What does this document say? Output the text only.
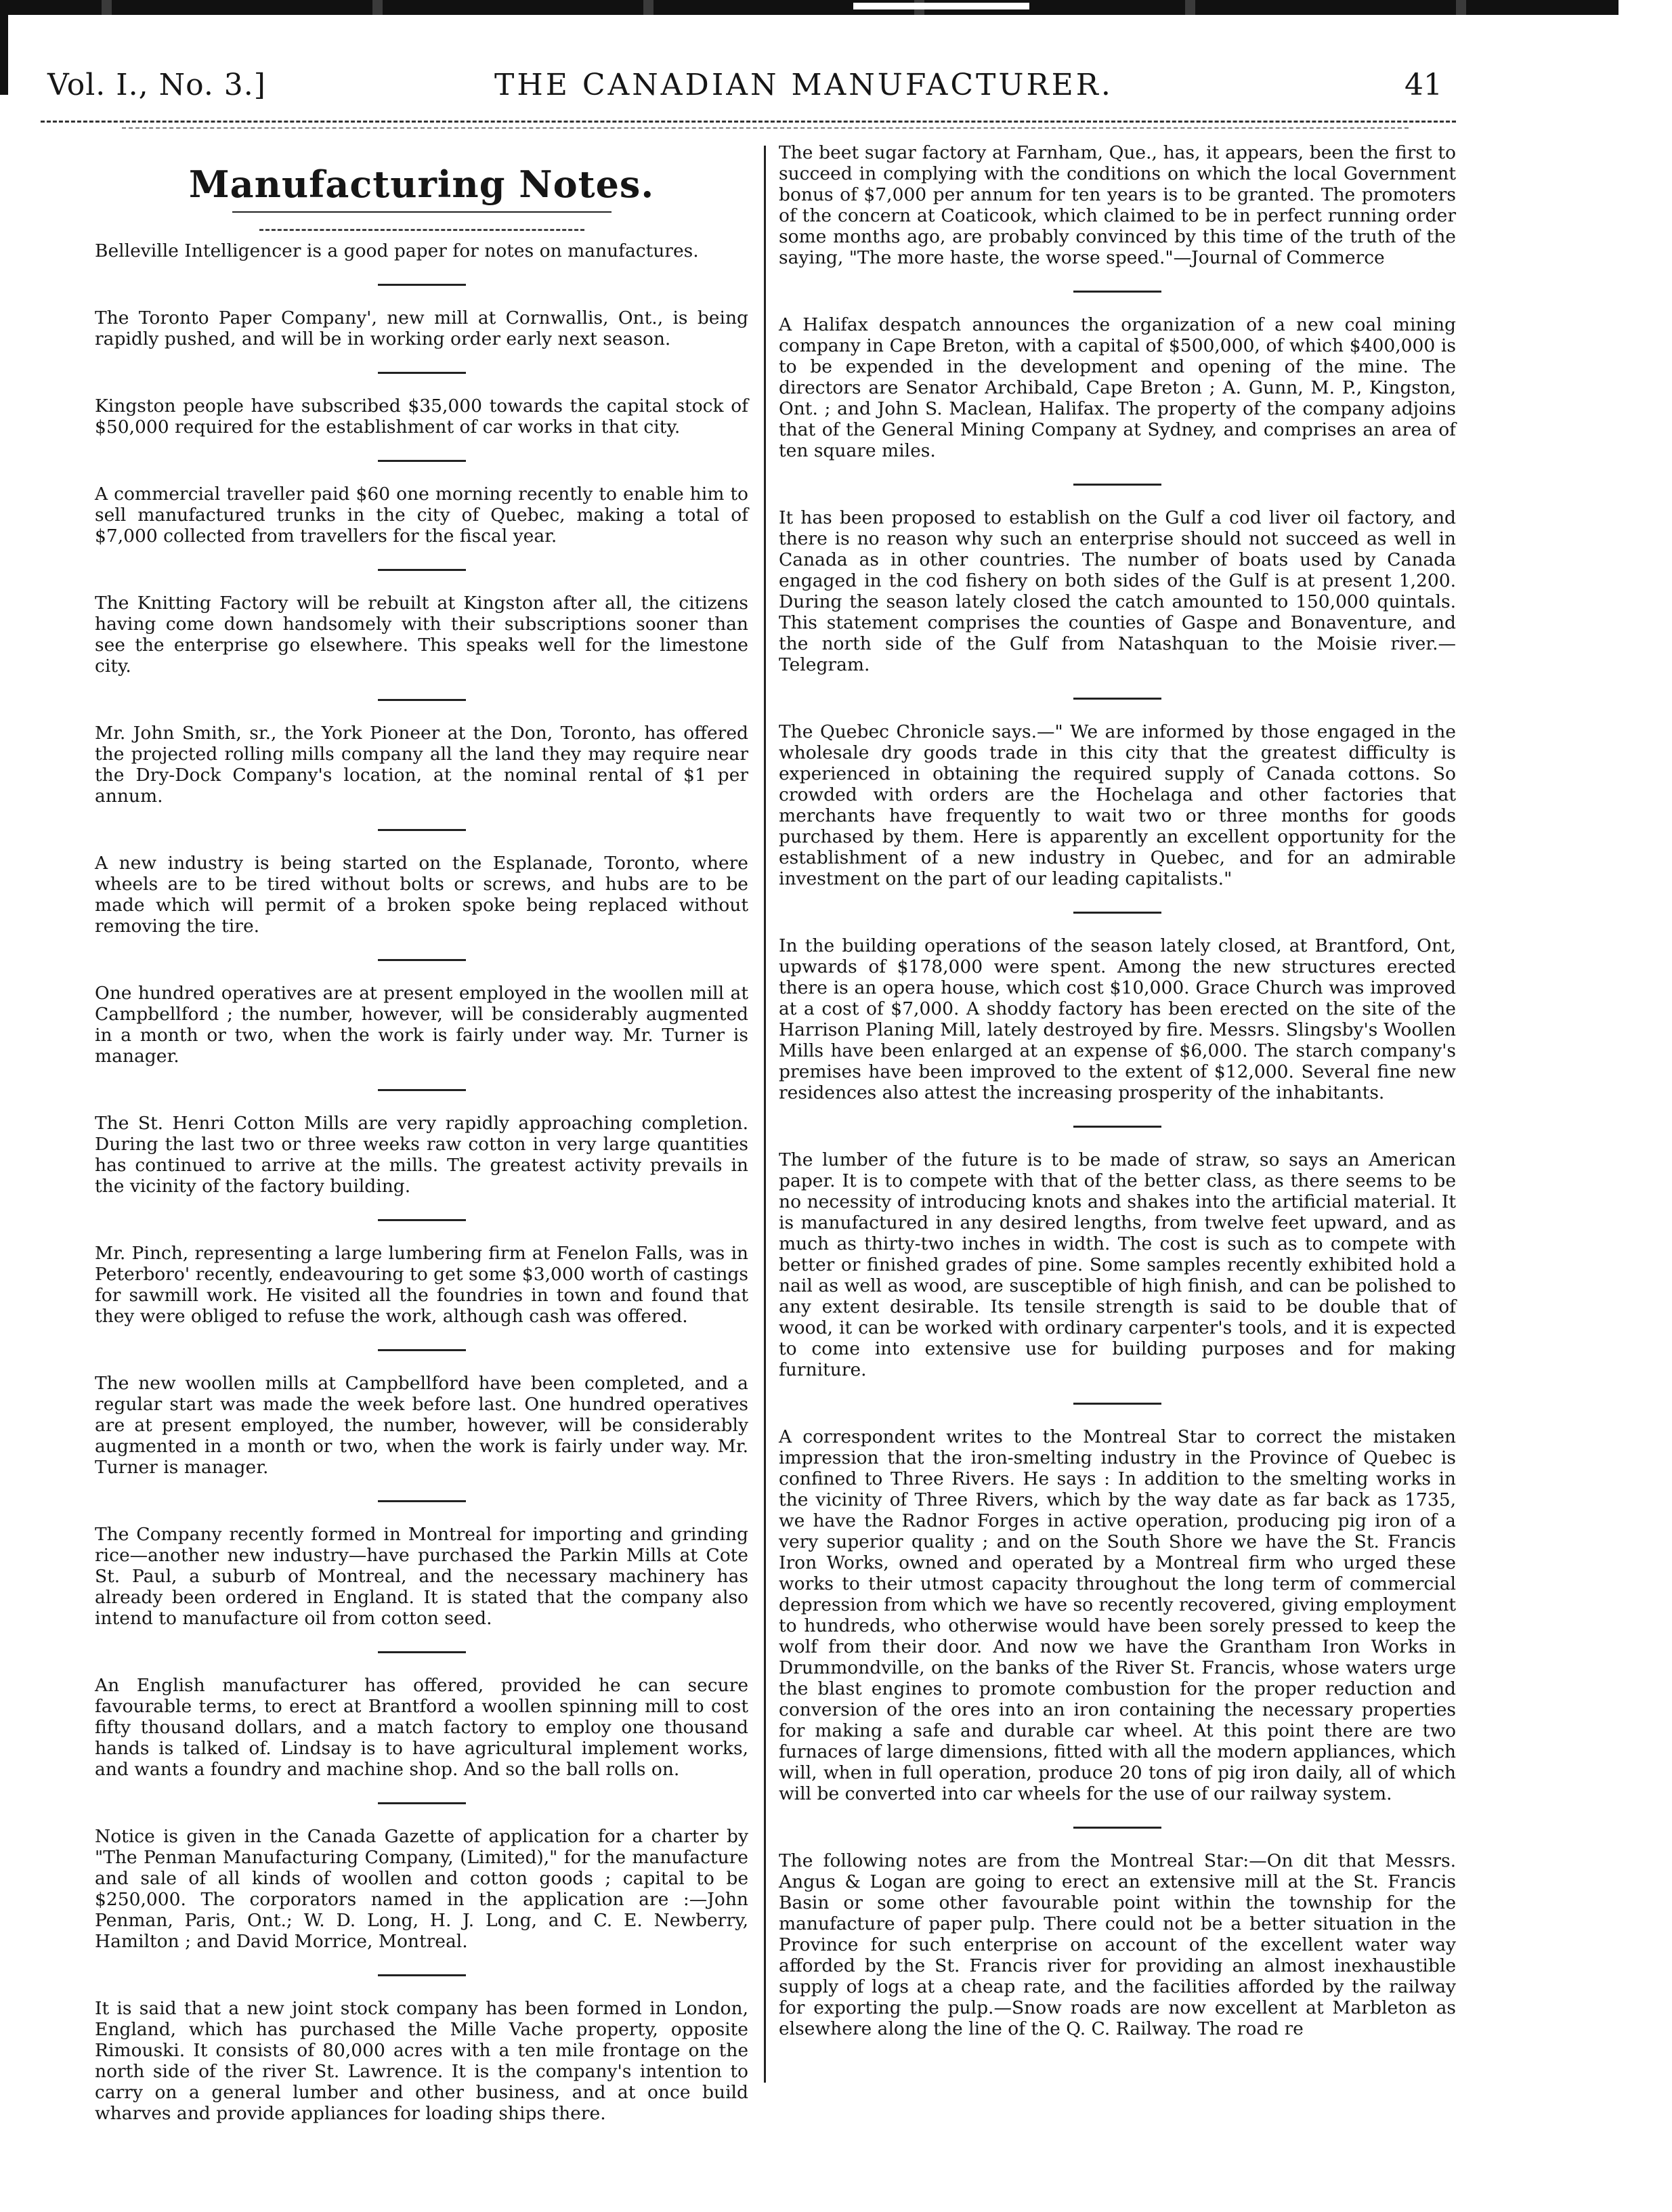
Vol. I., No. 3.]	THE CANADIAN MANUFACTURER.	41
Manufacturing Notes.

Belleville Intelligencer is a good paper for notes on manufactures.

The Toronto Paper Company', new mill at Cornwallis, Ont., is being rapidly pushed, and will be in working order early next season.

Kingston people have subscribed $35,000 towards the capital stock of $50,000 required for the establishment of car works in that city.

A commercial traveller paid $60 one morning recently to enable him to sell manufactured trunks in the city of Quebec, making a total of $7,000 collected from travellers for the fiscal year.

The Knitting Factory will be rebuilt at Kingston after all, the citizens having come down handsomely with their subscriptions sooner than see the enterprise go elsewhere. This speaks well for the limestone city.

Mr. John Smith, sr., the York Pioneer at the Don, Toronto, has offered the projected rolling mills company all the land they may require near the Dry-Dock Company's location, at the nominal rental of $1 per annum.

A new industry is being started on the Esplanade, Toronto, where wheels are to be tired without bolts or screws, and hubs are to be made which will permit of a broken spoke being replaced without removing the tire.

One hundred operatives are at present employed in the woollen mill at Campbellford ; the number, however, will be considerably augmented in a month or two, when the work is fairly under way. Mr. Turner is manager.

The St. Henri Cotton Mills are very rapidly approaching completion. During the last two or three weeks raw cotton in very large quantities has continued to arrive at the mills. The greatest activity prevails in the vicinity of the factory building.

Mr. Pinch, representing a large lumbering firm at Fenelon Falls, was in Peterboro' recently, endeavouring to get some $3,000 worth of castings for sawmill work. He visited all the foundries in town and found that they were obliged to refuse the work, although cash was offered.

The new woollen mills at Campbellford have been completed, and a regular start was made the week before last. One hundred operatives are at present employed, the number, however, will be considerably augmented in a month or two, when the work is fairly under way. Mr. Turner is manager.

The Company recently formed in Montreal for importing and grinding rice—another new industry—have purchased the Parkin Mills at Cote St. Paul, a suburb of Montreal, and the necessary machinery has already been ordered in England. It is stated that the company also intend to manufacture oil from cotton seed.

An English manufacturer has offered, provided he can secure favourable terms, to erect at Brantford a woollen spinning mill to cost fifty thousand dollars, and a match factory to employ one thousand hands is talked of. Lindsay is to have agricultural implement works, and wants a foundry and machine shop. And so the ball rolls on.

Notice is given in the Canada Gazette of application for a charter by "The Penman Manufacturing Company, (Limited)," for the manufacture and sale of all kinds of woollen and cotton goods ; capital to be $250,000. The corporators named in the application are :—John Penman, Paris, Ont.; W. D. Long, H. J. Long, and C. E. Newberry, Hamilton ; and David Morrice, Montreal.

It is said that a new joint stock company has been formed in London, England, which has purchased the Mille Vache property, opposite Rimouski. It consists of 80,000 acres with a ten mile frontage on the north side of the river St. Lawrence. It is the company's intention to carry on a general lumber and other business, and at once build wharves and provide appliances for loading ships there.

The beet sugar factory at Farnham, Que., has, it appears, been the first to succeed in complying with the conditions on which the local Government bonus of $7,000 per annum for ten years is to be granted. The promoters of the concern at Coaticook, which claimed to be in perfect running order some months ago, are probably convinced by this time of the truth of the saying, "The more haste, the worse speed."—Journal of Commerce

A Halifax despatch announces the organization of a new coal mining company in Cape Breton, with a capital of $500,000, of which $400,000 is to be expended in the development and opening of the mine. The directors are Senator Archibald, Cape Breton ; A. Gunn, M. P., Kingston, Ont. ; and John S. Maclean, Halifax. The property of the company adjoins that of the General Mining Company at Sydney, and comprises an area of ten square miles.

It has been proposed to establish on the Gulf a cod liver oil factory, and there is no reason why such an enterprise should not succeed as well in Canada as in other countries. The number of boats used by Canada engaged in the cod fishery on both sides of the Gulf is at present 1,200. During the season lately closed the catch amounted to 150,000 quintals. This statement comprises the counties of Gaspe and Bonaventure, and the north side of the Gulf from Natashquan to the Moisie river.—Telegram.

The Quebec Chronicle says.—" We are informed by those engaged in the wholesale dry goods trade in this city that the greatest difficulty is experienced in obtaining the required supply of Canada cottons. So crowded with orders are the Hochelaga and other factories that merchants have frequently to wait two or three months for goods purchased by them. Here is apparently an excellent opportunity for the establishment of a new industry in Quebec, and for an admirable investment on the part of our leading capitalists."

In the building operations of the season lately closed, at Brantford, Ont, upwards of $178,000 were spent. Among the new structures erected there is an opera house, which cost $10,000. Grace Church was improved at a cost of $7,000. A shoddy factory has been erected on the site of the Harrison Planing Mill, lately destroyed by fire. Messrs. Slingsby's Woollen Mills have been enlarged at an expense of $6,000. The starch company's premises have been improved to the extent of $12,000. Several fine new residences also attest the increasing prosperity of the inhabitants.

The lumber of the future is to be made of straw, so says an American paper. It is to compete with that of the better class, as there seems to be no necessity of introducing knots and shakes into the artificial material. It is manufactured in any desired lengths, from twelve feet upward, and as much as thirty-two inches in width. The cost is such as to compete with better or finished grades of pine. Some samples recently exhibited hold a nail as well as wood, are susceptible of high finish, and can be polished to any extent desirable. Its tensile strength is said to be double that of wood, it can be worked with ordinary carpenter's tools, and it is expected to come into extensive use for building purposes and for making furniture.

A correspondent writes to the Montreal Star to correct the mistaken impression that the iron-smelting industry in the Province of Quebec is confined to Three Rivers. He says : In addition to the smelting works in the vicinity of Three Rivers, which by the way date as far back as 1735, we have the Radnor Forges in active operation, producing pig iron of a very superior quality ; and on the South Shore we have the St. Francis Iron Works, owned and operated by a Montreal firm who urged these works to their utmost capacity throughout the long term of commercial depression from which we have so recently recovered, giving employment to hundreds, who otherwise would have been sorely pressed to keep the wolf from their door. And now we have the Grantham Iron Works in Drummondville, on the banks of the River St. Francis, whose waters urge the blast engines to promote combustion for the proper reduction and conversion of the ores into an iron containing the necessary properties for making a safe and durable car wheel. At this point there are two furnaces of large dimensions, fitted with all the modern appliances, which will, when in full operation, produce 20 tons of pig iron daily, all of which will be converted into car wheels for the use of our railway system.

The following notes are from the Montreal Star:—On dit that Messrs. Angus & Logan are going to erect an extensive mill at the St. Francis Basin or some other favourable point within the township for the manufacture of paper pulp. There could not be a better situation in the Province for such enterprise on account of the excellent water way afforded by the St. Francis river for providing an almost inexhaustible supply of logs at a cheap rate, and the facilities afforded by the railway for exporting the pulp.—Snow roads are now excellent at Marbleton as elsewhere along the line of the Q. C. Railway. The road re
